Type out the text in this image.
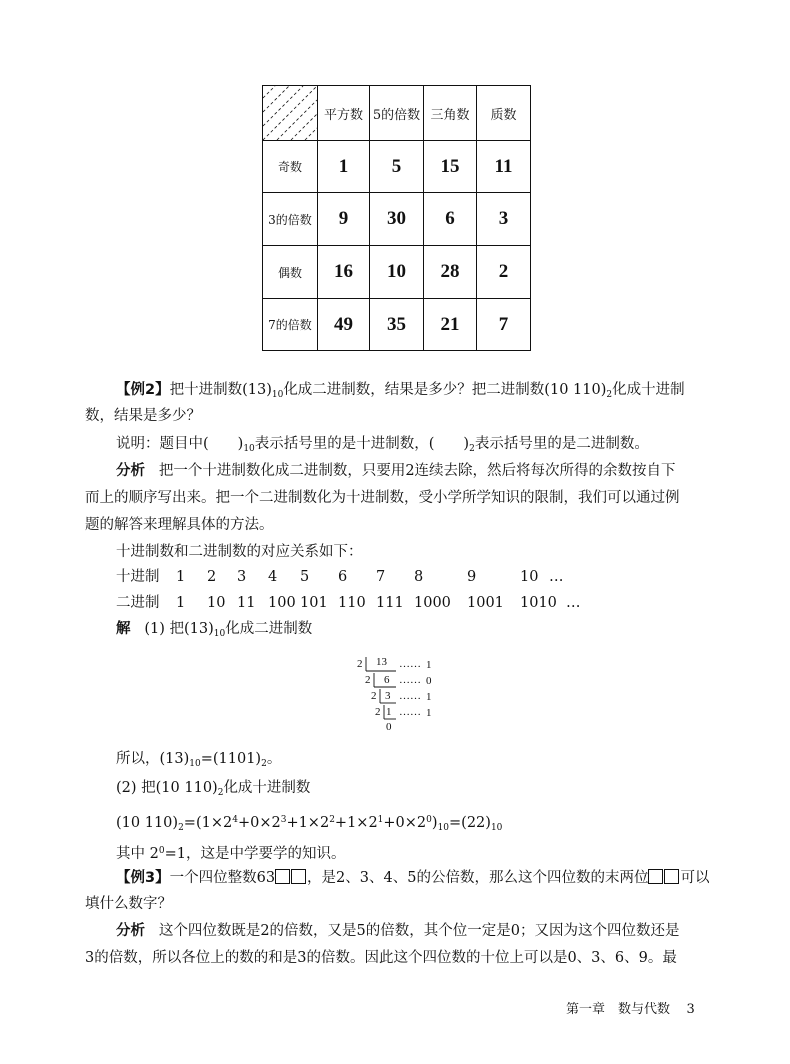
	平方数	5的倍数	三角数	质数
奇数	1	5	15	11
3的倍数	9	30	6	3
偶数	16	10	28	2
7的倍数	49	35	21	7
【例2】把十进制数$(13)_{10}$化成二进制数，结果是多少？把二进制数(10 $110)_2$化成十进制
数，结果是多少？
说明：题目中(　　)$_{10}$表示括号里的是十进制数，(　　)$_2$表示括号里的是二进制数。
分析 把一个十进制数化成二进制数，只要用2连续去除，然后将每次所得的余数按自下
而上的顺序写出来。把一个二进制数化为十进制数，受小学所学知识的限制，我们可以通过例
题的解答来理解具体的方法。
十进制数和二进制数的对应关系如下：
十进制 1 2 3 4 5 6 7 8	9	10 …
二进制 1 10 11 100 101 110 111 1000 1001 1010 …
解 (1) 把$(13)_{10}$化成二进制数
2
2
2
2
13
6
3
1
0
……
……
……
……
1
0
1
1
所以，$(13)_{10}=(1101)_2$。
(2) 把(10 $110)_2$化成十进制数
(10 $110)_2=(1\times 2^4+0\times 2^3+1\times 2^2+1\times 2^1+0\times 2^0)_{10}=(22)_{10}$
其中 $2^0=1$，这是中学要学的知识。
【例3】一个四位整数63 ，是2、3、4、5的公倍数，那么这个四位数的末两位 可以
填什么数字？
分析 这个四位数既是2的倍数，又是5的倍数，其个位一定是0；又因为这个四位数还是
3的倍数，所以各位上的数的和是3的倍数。因此这个四位数的十位上可以是0、3、6、9。最
第一章　数与代数 3
